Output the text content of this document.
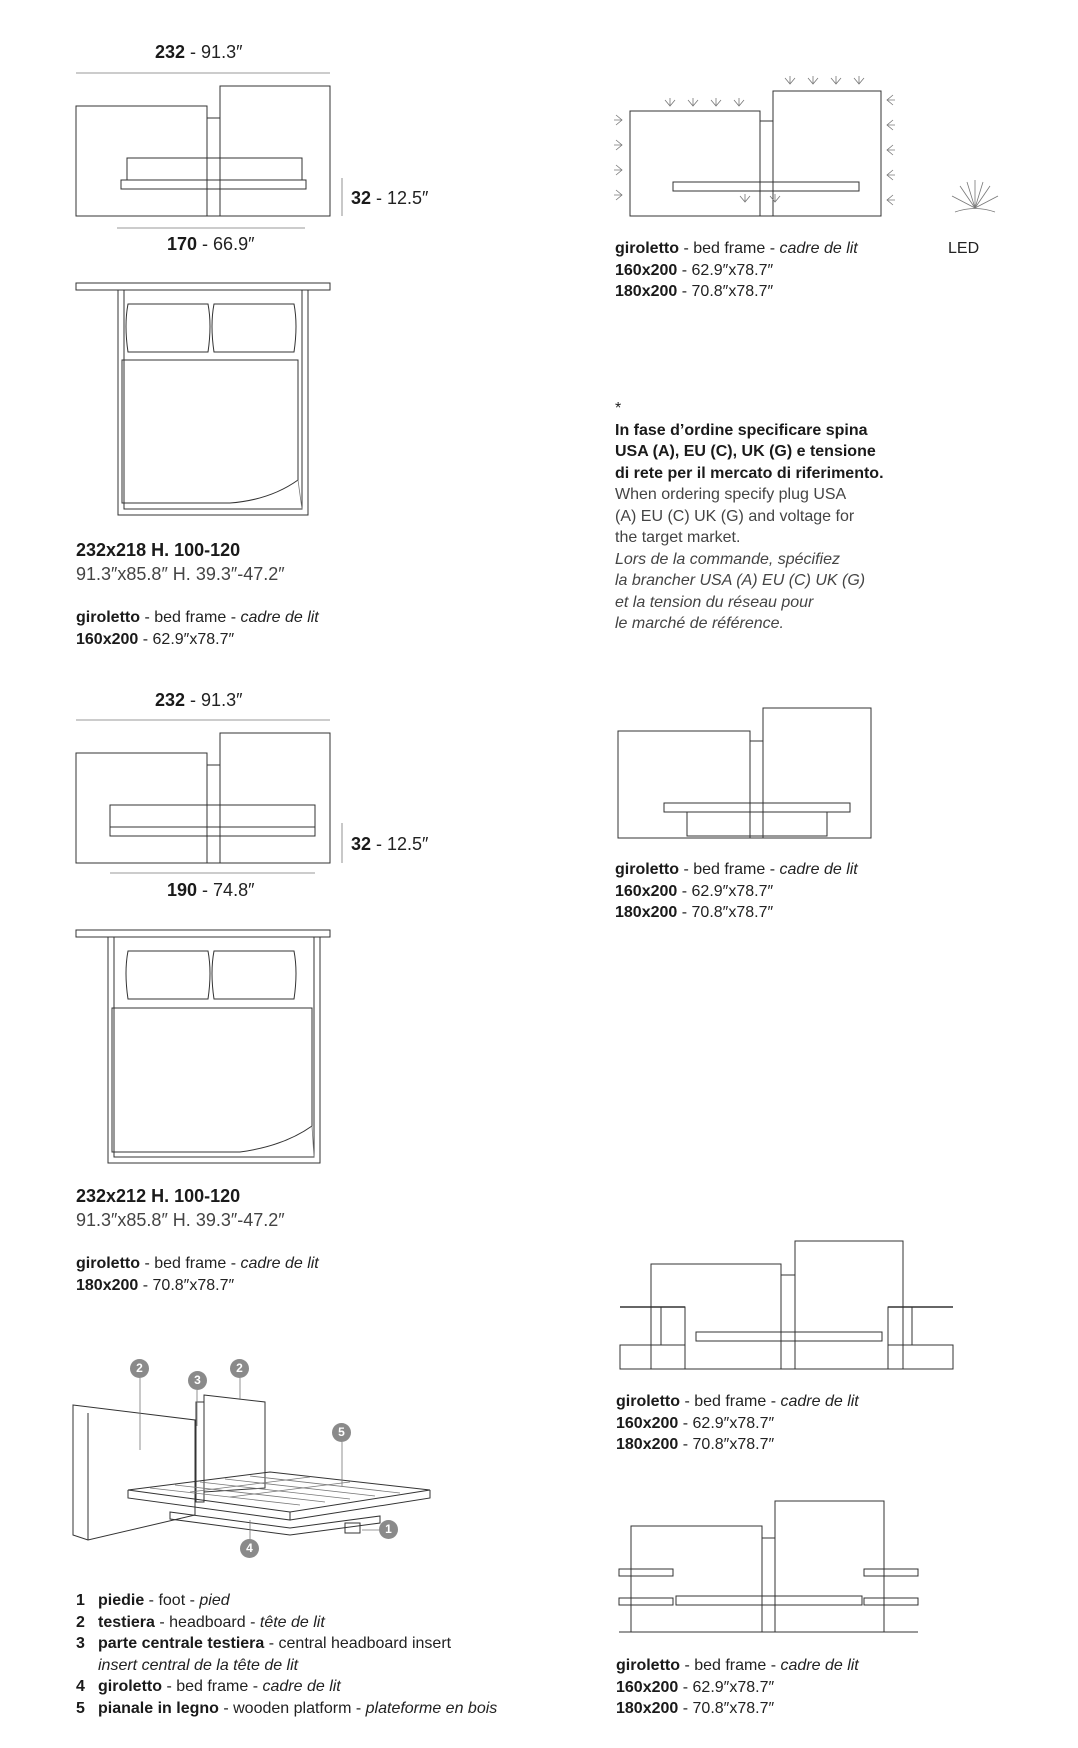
232 - 91.3″
32 - 12.5″
170 - 66.9″
232x218 H. 100-120
91.3″x85.8″ H. 39.3″-47.2″
giroletto - bed frame - cadre de lit
160x200 - 62.9″x78.7″
giroletto - bed frame - cadre de lit	LED
160x200 - 62.9″x78.7″
180x200 - 70.8″x78.7″
*
In fase d’ordine specificare spina
USA (A), EU (C), UK (G) e tensione
di rete per il mercato di riferimento.
When ordering specify plug USA
(A) EU (C) UK (G) and voltage for
the target market.
Lors de la commande, spécifiez
la brancher USA (A) EU (C) UK (G)
et la tension du réseau pour
le marché de référence.
232 - 91.3″
32 - 12.5″
190 - 74.8″
232x212 H. 100-120
91.3″x85.8″ H. 39.3″-47.2″
giroletto - bed frame - cadre de lit
180x200 - 70.8″x78.7″
giroletto - bed frame - cadre de lit
160x200 - 62.9″x78.7″
180x200 - 70.8″x78.7″
giroletto - bed frame - cadre de lit
160x200 - 62.9″x78.7″
180x200 - 70.8″x78.7″
giroletto - bed frame - cadre de lit
160x200 - 62.9″x78.7″
180x200 - 70.8″x78.7″
2
3
2
5
1
4
1 piedie - foot - pied
2 testiera - headboard - tête de lit
3 parte centrale testiera - central headboard insert
insert central de la tête de lit
4 giroletto - bed frame - cadre de lit
5 pianale in legno - wooden platform - plateforme en bois
